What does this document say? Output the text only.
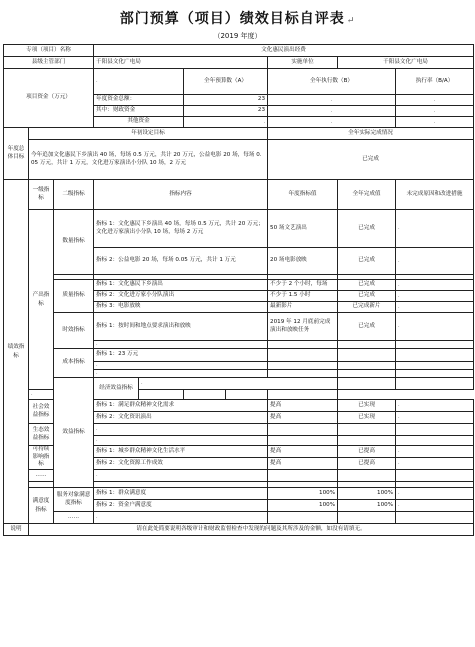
部门预算（项目）绩效目标自评表 ↵
（2019 年度）
专项（项目）名称			文化惠民演出经费							
县级主管部门			千阳县文化广电局				实施单位	千阳县文化广电局		
项目资金（万元）			.		全年预算数（A）		全年执行数（B）		执行率（B/A）	
			年度资金总额：		23		.		.	
			其中：财政资金		23		.		.	
			其他资金		.		.		.	
年度总体目标	年初设定目标						全年实际完成情况			
	今年追加文化惠民下乡演出 40 场，每场 0.5 万元，共计 20 万元，公益电影 20 场，每场 0.05 万元，共计 1 万元，文化进万家演出小分队 10 场，2 万元						已完成			
绩效指标	一级指标	二级指标	指标内容				年度指标值	全年完成值	未完成原因和改进措施	
	产出指标	数量指标	指标 1：文化惠民下乡演出 40 场，每场 0.5 万元，共计 20 万元；文化进万家演出小分队 10 场，每场 2 万元				50 场文艺演出	已完成	.	
			指标 2：公益电影 20 场，每场 0.05 万元，共计 1 万元				20 场电影放映	已完成	.	

		质量指标	指标 1：文化惠民下乡演出				不少于 2 个小时，每场	已完成	.	
			指标 2：文化进万家小分队演出				不少于 1.5 小时	已完成	.	
			指标 3：电影放映				最新影片	已完成新片	.	
		时效指标	指标 1：按时间和地点要求演出和放映				2019 年 12 月底前完成演出和放映任务	已完成	.	
			.							
		成本指标	指标 1：23 万元							
			.							
			.							
		效益指标	经济效益指标	.						
	.									
	社会效益指标		指标 1：满足群众精神文化需求				提高	已实现	.	
			指标 2：文化资讯演出				提高	已实现	.	
	生态效益指标		.							
			.							
	可持续影响指标		指标 1：城乡群众精神文化生活水平				提高	已提高	.	
			指标 2：文化资源工作成效				提高	已提高	.	
	……		.							

	满意度指标	服务对象满意度指标	指标 1：群众满意度				100%	100%	.	
			指标 2：资金户满意度				100%	100%	.	
		……	.							
说明	请在此处简要说明各级审计和财政监督检查中发现的问题及其所涉及的金额，如没有请填无。									
